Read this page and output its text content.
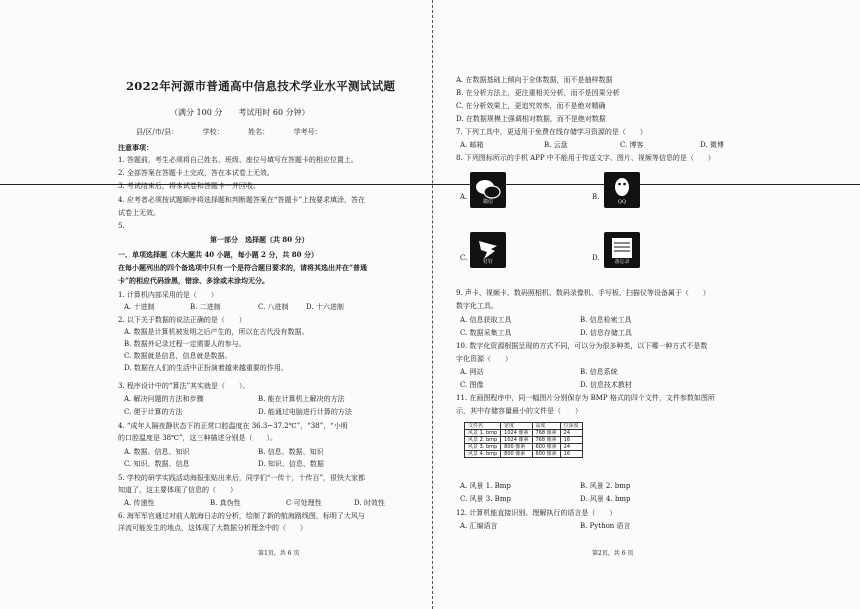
2022年河源市普通高中信息技术学业水平测试试题
（满分 100 分　　考试用时 60 分钟）
县/区/市/县：　　　　学校：　　　　姓名：　　　　学考号：
注意事项：
1. 答题前，考生必须将自己姓名、班级、座位号填写在答题卡的相应位置上。
2. 全部答案在答题卡上完成，答在本试卷上无效。
3. 考试结束后，将本试卷和答题卡一并回收。
4. 应考者必须按试题顺序将选择题和判断题答案在“答题卡”上按要求填涂，答在
试卷上无效。
5.
第一部分　选择题（共 80 分）
一、单项选择题（本大题共 40 小题，每小题 2 分，共 80 分）
在每小题列出的四个备选项中只有一个是符合题目要求的，请将其选出并在“普通
卡”的相应代码涂黑，错涂、多涂或未涂均无分。
1. 计算机内部采用的是（　　）
A. 十进制	B. 二进制	C. 八进制 D. 十六进制
2. 以下关于数据的说法正确的是（　　）
A. 数据是计算机被发明之后产生的，所以在古代没有数据。
B. 数据外记录过程一定需要人的参与。
C. 数据就是信息，信息就是数据。
D. 数据在人们的生活中正扮演着越来越重要的作用。
3. 程序设计中的“算法”其实就是（　　）。
A. 解决问题的方法和步骤	B. 能在计算机上解决的方法
C. 便于计算的方法	D. 能通过电脑进行计算的方法
4. “成年人隔夜静状态下的正常口腔温度在 36.3~37.2℃”，“38”，“小明
的口腔温度是 38℃”，这三种描述分别是（　　）。
A. 数据、信息、知识	B. 信息、数据、知识
C. 知识、数据、信息	D. 知识、信息、数据
5. 学校的研学实践活动海报张贴出来后，同学们“一传十，十传百”，很快大家都
知道了，这主要体现了信息的（　　）
A. 传递性	B. 真伪性	C 可处理性	D. 时效性
6. 海军军官通过对前人航海日志的分析，绘制了新的航海路线图，标明了大风与
洋流可能发生的地点，这体现了大数据分析理念中的（　　）
第1页，共 6 页
A. 在数据基础上倾向于全体数据，而不是抽样数据
B. 在分析方法上，更注重相关分析，而不是因果分析
C. 在分析效果上，更追究效率，而不是绝对精确
D. 在数据规模上强调相对数据，而不是绝对数据
7. 下列工具中，更适用于免费在线存储学习资源的是（　　）
A. 邮箱	B. 云盘	C. 博客	D. 微博
8. 下列图标所示的手机 APP 中不能用于传送文字、图片、视频等信息的是（　　）
A.
微信
B.
QQ
C.	钉钉	D.	备忘录
9. 声卡、视频卡、数码照相机、数码录像机、手写板、扫描仪等设备属于（　　）
数字化工具。
A. 信息获取工具	B. 信息检索工具
C. 数据采集工具	D. 信息存储工具
10. 数字化资源根据呈现的方式不同，可以分为很多种类，以下哪一种方式不是数
字化资源（　　）
A. 网站	B. 信息系统
C. 图像	D. 信息技术教材
11. 在画图程序中，同一幅图片分别保存为 BMP 格式的四个文件，文件参数如图所
示，其中存储容量最小的文件是（　　）
文件名	宽度	高度	位深度
风景 1. bmp	1024 像素	768 像素	24
风景 2. bmp	1024 像素	768 像素	16
风景 3. bmp	800 像素	600 像素	24
风景 4. bmp	800 像素	600 像素	16
A. 风景 1. Bmp	B. 风景 2. bmp
C. 风景 3. Bmp	D. 风景 4. bmp
12. 计算机能直接识别、理解执行的语言是（　　）
A. 汇编语言	B. Python 语言
第2页，共 6 页
